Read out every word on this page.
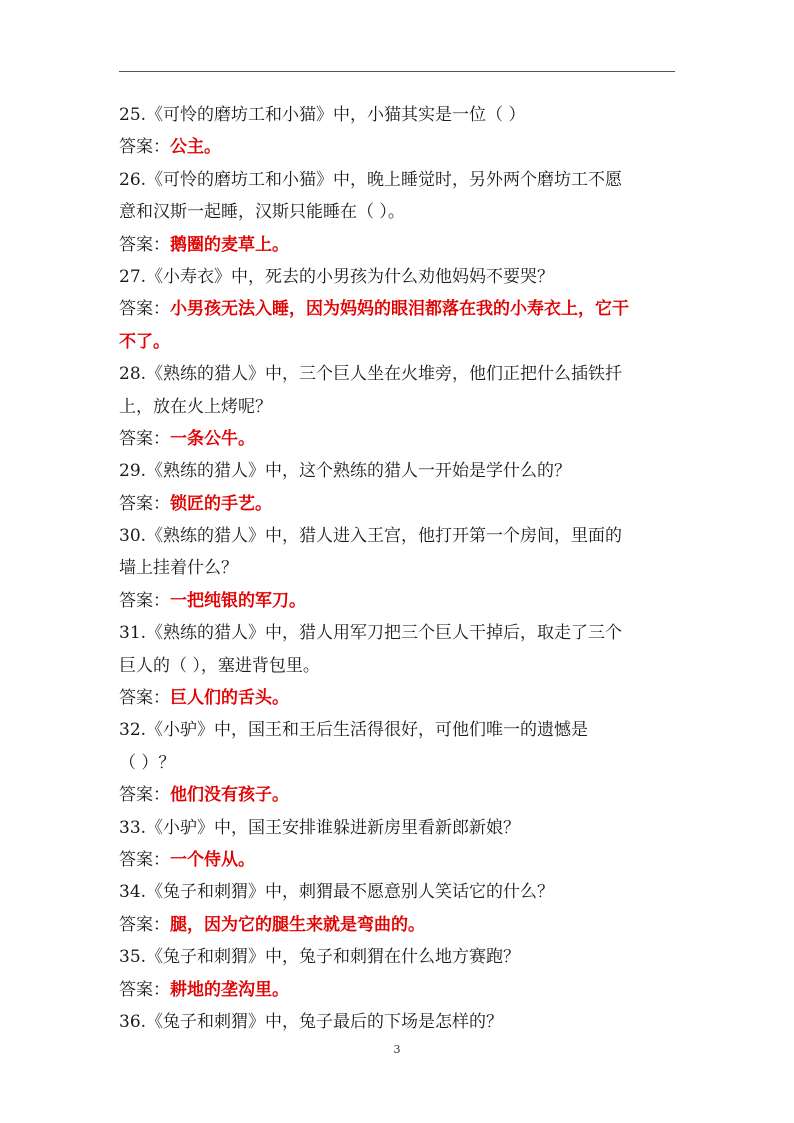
25.《可怜的磨坊工和小猫》中，小猫其实是一位（ ）
答案：公主。
26.《可怜的磨坊工和小猫》中，晚上睡觉时，另外两个磨坊工不愿
意和汉斯一起睡，汉斯只能睡在（ ）。
答案：鹅圈的麦草上。
27.《小寿衣》中，死去的小男孩为什么劝他妈妈不要哭？
答案：小男孩无法入睡，因为妈妈的眼泪都落在我的小寿衣上，它干
不了。
28.《熟练的猎人》中，三个巨人坐在火堆旁，他们正把什么插铁扦
上，放在火上烤呢？
答案：一条公牛。
29.《熟练的猎人》中，这个熟练的猎人一开始是学什么的？
答案：锁匠的手艺。
30.《熟练的猎人》中，猎人进入王宫，他打开第一个房间，里面的
墙上挂着什么？
答案：一把纯银的军刀。
31.《熟练的猎人》中，猎人用军刀把三个巨人干掉后，取走了三个
巨人的（ ），塞进背包里。
答案：巨人们的舌头。
32.《小驴》中，国王和王后生活得很好，可他们唯一的遗憾是
（ ）？
答案：他们没有孩子。
33.《小驴》中，国王安排谁躲进新房里看新郎新娘？
答案：一个侍从。
34.《兔子和刺猬》中，刺猬最不愿意别人笑话它的什么？
答案：腿，因为它的腿生来就是弯曲的。
35.《兔子和刺猬》中，兔子和刺猬在什么地方赛跑？
答案：耕地的垄沟里。
36.《兔子和刺猬》中，兔子最后的下场是怎样的？
3
